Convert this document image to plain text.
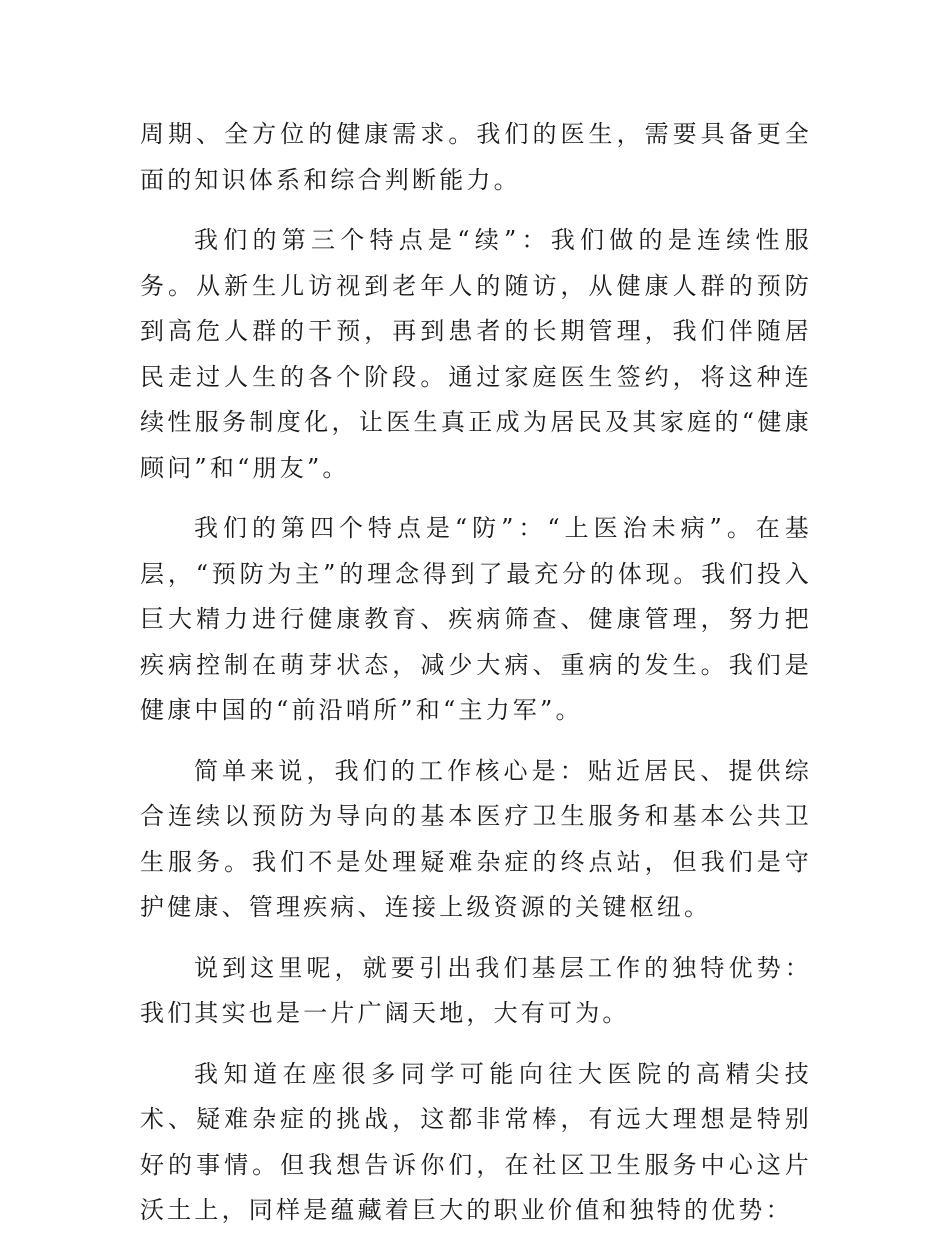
周期、全方位的健康需求。我们的医生，需要具备更全面的知识体系和综合判断能力。

我们的第三个特点是“续”：我们做的是连续性服务。从新生儿访视到老年人的随访，从健康人群的预防到高危人群的干预，再到患者的长期管理，我们伴随居民走过人生的各个阶段。通过家庭医生签约，将这种连续性服务制度化，让医生真正成为居民及其家庭的“健康顾问”和“朋友”。

我们的第四个特点是“防”：“上医治未病”。在基层，“预防为主”的理念得到了最充分的体现。我们投入巨大精力进行健康教育、疾病筛查、健康管理，努力把疾病控制在萌芽状态，减少大病、重病的发生。我们是健康中国的“前沿哨所”和“主力军”。

简单来说，我们的工作核心是：贴近居民、提供综合连续以预防为导向的基本医疗卫生服务和基本公共卫生服务。我们不是处理疑难杂症的终点站，但我们是守护健康、管理疾病、连接上级资源的关键枢纽。

说到这里呢，就要引出我们基层工作的独特优势：我们其实也是一片广阔天地，大有可为。

我知道在座很多同学可能向往大医院的高精尖技术、疑难杂症的挑战，这都非常棒，有远大理想是特别好的事情。但我想告诉你们，在社区卫生服务中心这片沃土上，同样是蕴藏着巨大的职业价值和独特的优势：
